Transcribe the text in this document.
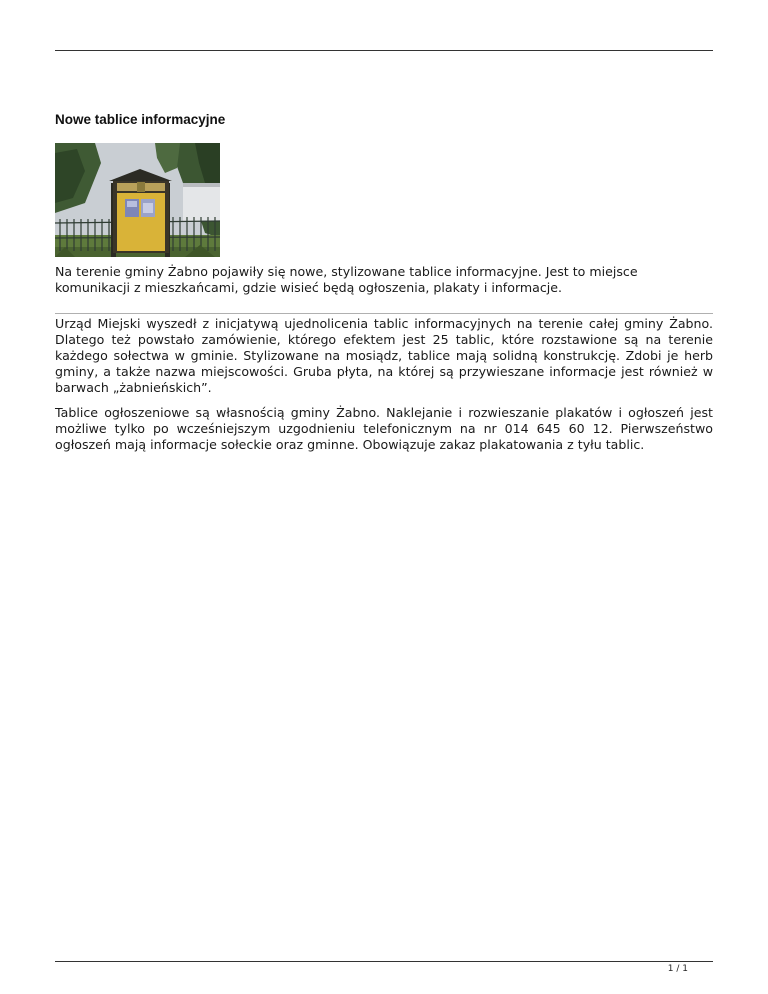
Nowe tablice informacyjne

Na terenie gminy Żabno pojawiły się nowe, stylizowane tablice informacyjne. Jest to miejsce komunikacji z mieszkańcami, gdzie wisieć będą ogłoszenia, plakaty i informacje.

Urząd Miejski wyszedł z inicjatywą ujednolicenia tablic informacyjnych na terenie całej gminy Żabno. Dlatego też powstało zamówienie, którego efektem jest 25 tablic, które rozstawione są na terenie każdego sołectwa w gminie. Stylizowane na mosiądz, tablice mają solidną konstrukcję. Zdobi je herb gminy, a także nazwa miejscowości. Gruba płyta, na której są przywieszane informacje jest również w barwach „żabnieńskich”.

Tablice ogłoszeniowe są własnością gminy Żabno. Naklejanie i rozwieszanie plakatów i ogłoszeń jest możliwe tylko po wcześniejszym uzgodnieniu telefonicznym na nr 014 645 60 12. Pierwszeństwo ogłoszeń mają informacje sołeckie oraz gminne. Obowiązuje zakaz plakatowania z tyłu tablic.

1 / 1
